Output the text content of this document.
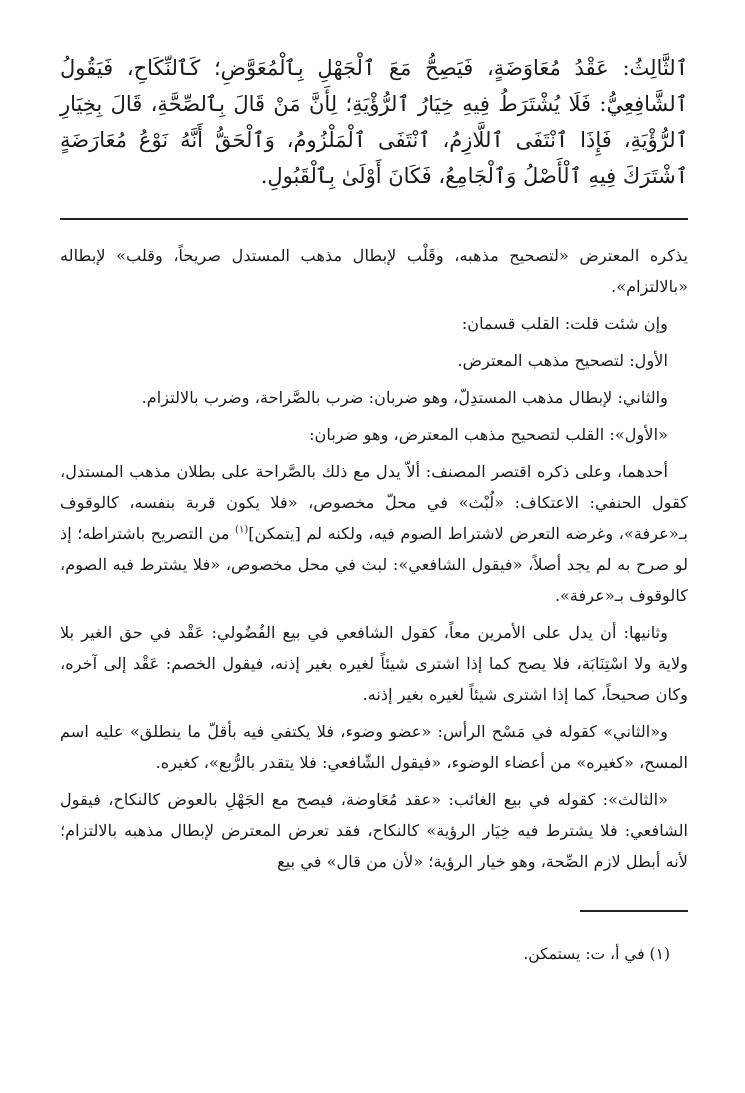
ٱلثَّالِثُ: عَقْدُ مُعَاوَضَةٍ، فَيَصِحُّ مَعَ ٱلْجَهْلِ بِٱلْمُعَوَّضِ؛ كَٱلنِّكَاحِ، فَيَقُولُ ٱلشَّافِعِيُّ: فَلَا يُشْتَرَطُ فِيهِ خِيَارُ ٱلرُّؤْيَةِ؛ لِأَنَّ مَنْ قَالَ بِٱلصِّحَّةِ، قَالَ بِخِيَارِ ٱلرُّؤْيَةِ، فَإِذَا ٱنْتَفَى ٱللَّازِمُ، ٱنْتَفَى ٱلْمَلْزُومُ، وَٱلْحَقُّ أَنَّهُ نَوْعُ مُعَارَضَةٍ ٱشْتَرَكَ فِيهِ ٱلْأَصْلُ وَٱلْجَامِعُ، فَكَانَ أَوْلَىٰ بِٱلْقَبُولِ.

يذكره المعترض «لتصحيح مذهبه، وقَلْب لإبطال مذهب المستدل صريحاً، وقلب» لإبطاله «بالالتزام».

وإن شئت قلت: القلب قسمان:

الأول: لتصحيح مذهب المعترض.

والثاني: لإبطال مذهب المستدِلّ، وهو ضربان: ضرب بالصَّراحة، وضرب بالالتزام.

«الأول»: القلب لتصحيح مذهب المعترض، وهو ضربان:

أحدهما، وعلى ذكره اقتصر المصنف: ألاّ يدل مع ذلك بالصَّراحة على بطلان مذهب المستدل، كقول الحنفي: الاعتكاف: «لُبْث» في محلّ مخصوص، «فلا يكون قربة بنفسه، كالوقوف بـ«عرفة»، وغرضه التعرض لاشتراط الصوم فيه، ولكنه لم [يتمكن]$^{(١)}$ من التصريح باشتراطه؛ إذ لو صرح به لم يجد أصلاً، «فيقول الشافعي»: لبث في محل مخصوص، «فلا يشترط فيه الصوم، كالوقوف بـ«عرفة».

وثانيها: أن يدل على الأمرين معاً، كقول الشافعي في بيع الفُضُولي: عَقْد في حق الغير بلا ولاية ولا اسْتِنَابَة، فلا يصح كما إذا اشترى شيئاً لغيره بغير إذنه، فيقول الخصم: عَقْد إلى آخره، وكان صحيحاً، كما إذا اشترى شيئاً لغيره بغير إذنه.

و«الثاني» كقوله في مَسْح الرأس: «عضو وضوء، فلا يكتفي فيه بأقلّ ما ينطلق» عليه اسم المسح، «كغيره» من أعضاء الوضوء، «فيقول الشّافعي: فلا يتقدر بالرُّبع»، كغيره.

«الثالث»: كقوله في بيع الغائب: «عقد مُعَاوضة، فيصح مع الجَهْلِ بالعوض كالنكاح، فيقول الشافعي: فلا يشترط فيه خِيَار الرؤية» كالنكاح، فقد تعرض المعترض لإبطال مذهبه بالالتزام؛ لأنه أبطل لازم الصِّحة، وهو خيار الرؤية؛ «لأن من قال» في بيع

(١) في أ، ت: يستمكن.
